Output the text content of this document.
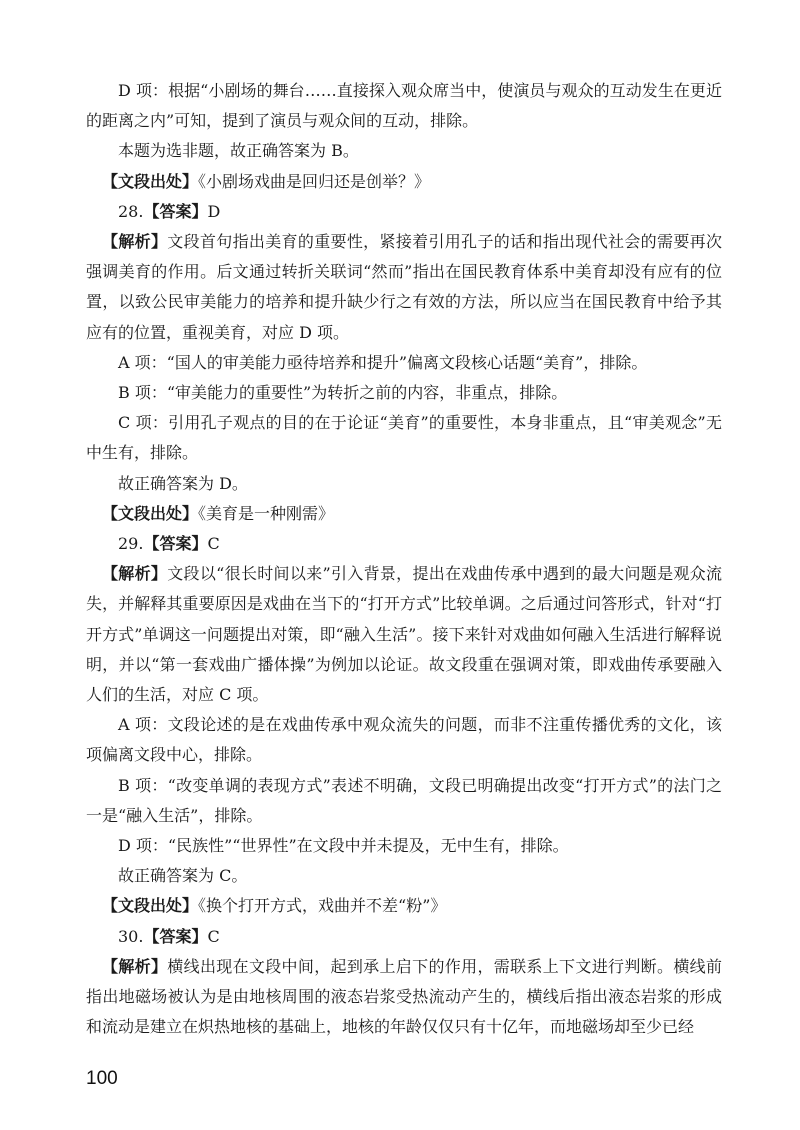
D 项：根据“小剧场的舞台……直接探入观众席当中，使演员与观众的互动发生在更近的距离之内”可知，提到了演员与观众间的互动，排除。

本题为选非题，故正确答案为 B。

【文段出处】《小剧场戏曲是回归还是创举？》

28.【答案】D

【解析】文段首句指出美育的重要性，紧接着引用孔子的话和指出现代社会的需要再次强调美育的作用。后文通过转折关联词“然而”指出在国民教育体系中美育却没有应有的位置，以致公民审美能力的培养和提升缺少行之有效的方法，所以应当在国民教育中给予其应有的位置，重视美育，对应 D 项。

A 项：“国人的审美能力亟待培养和提升”偏离文段核心话题“美育”，排除。

B 项：“审美能力的重要性”为转折之前的内容，非重点，排除。

C 项：引用孔子观点的目的在于论证“美育”的重要性，本身非重点，且“审美观念”无中生有，排除。

故正确答案为 D。

【文段出处】《美育是一种刚需》

29.【答案】C

【解析】文段以“很长时间以来”引入背景，提出在戏曲传承中遇到的最大问题是观众流失，并解释其重要原因是戏曲在当下的“打开方式”比较单调。之后通过问答形式，针对“打开方式”单调这一问题提出对策，即“融入生活”。接下来针对戏曲如何融入生活进行解释说明，并以“第一套戏曲广播体操”为例加以论证。故文段重在强调对策，即戏曲传承要融入人们的生活，对应 C 项。

A 项：文段论述的是在戏曲传承中观众流失的问题，而非不注重传播优秀的文化，该项偏离文段中心，排除。

B 项：“改变单调的表现方式”表述不明确，文段已明确提出改变“打开方式”的法门之一是“融入生活”，排除。

D 项：“民族性”“世界性”在文段中并未提及，无中生有，排除。

故正确答案为 C。

【文段出处】《换个打开方式，戏曲并不差“粉”》

30.【答案】C

【解析】横线出现在文段中间，起到承上启下的作用，需联系上下文进行判断。横线前指出地磁场被认为是由地核周围的液态岩浆受热流动产生的，横线后指出液态岩浆的形成和流动是建立在炽热地核的基础上，地核的年龄仅仅只有十亿年，而地磁场却至少已经

100
